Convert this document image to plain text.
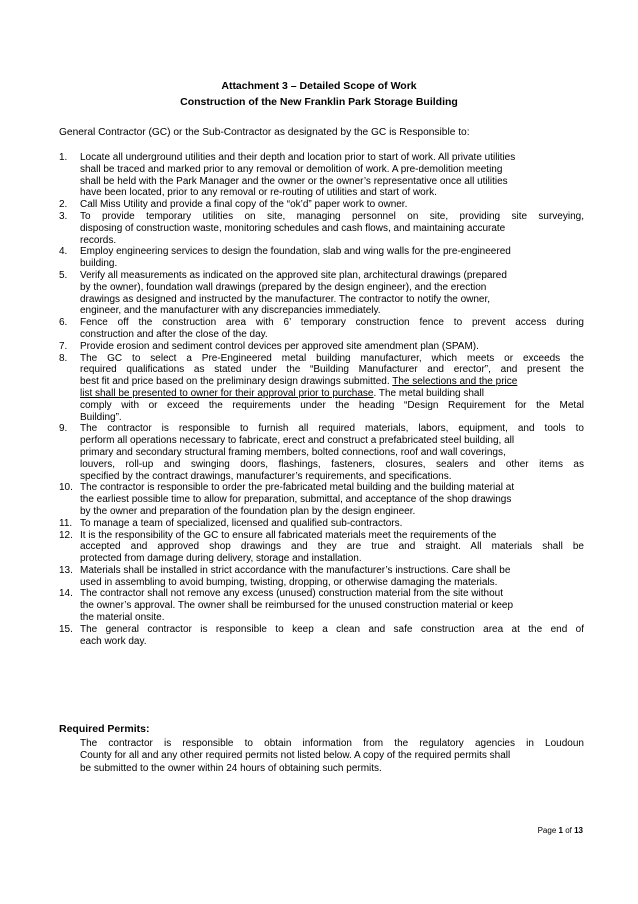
Attachment 3 – Detailed Scope of Work
Construction of the New Franklin Park Storage Building
General Contractor (GC) or the Sub-Contractor as designated by the GC is Responsible to:
1. Locate all underground utilities and their depth and location prior to start of work. All private utilities
shall be traced and marked prior to any removal or demolition of work. A pre-demolition meeting
shall be held with the Park Manager and the owner or the owner’s representative once all utilities
have been located, prior to any removal or re-routing of utilities and start of work.
2. Call Miss Utility and provide a final copy of the “ok’d” paper work to owner.
3. To provide temporary utilities on site, managing personnel on site, providing site surveying,
disposing of construction waste, monitoring schedules and cash flows, and maintaining accurate
records.
4. Employ engineering services to design the foundation, slab and wing walls for the pre-engineered
building.
5. Verify all measurements as indicated on the approved site plan, architectural drawings (prepared
by the owner), foundation wall drawings (prepared by the design engineer), and the erection
drawings as designed and instructed by the manufacturer. The contractor to notify the owner,
engineer, and the manufacturer with any discrepancies immediately.
6. Fence off the construction area with 6’ temporary construction fence to prevent access during
construction and after the close of the day.
7. Provide erosion and sediment control devices per approved site amendment plan (SPAM).
8. The GC to select a Pre-Engineered metal building manufacturer, which meets or exceeds the
required qualifications as stated under the “Building Manufacturer and erector”, and present the
best fit and price based on the preliminary design drawings submitted. The selections and the price
list shall be presented to owner for their approval prior to purchase. The metal building shall
comply with or exceed the requirements under the heading “Design Requirement for the Metal
Building”.
9. The contractor is responsible to furnish all required materials, labors, equipment, and tools to
perform all operations necessary to fabricate, erect and construct a prefabricated steel building, all
primary and secondary structural framing members, bolted connections, roof and wall coverings,
louvers, roll-up and swinging doors, flashings, fasteners, closures, sealers and other items as
specified by the contract drawings, manufacturer’s requirements, and specifications.
10. The contractor is responsible to order the pre-fabricated metal building and the building material at
the earliest possible time to allow for preparation, submittal, and acceptance of the shop drawings
by the owner and preparation of the foundation plan by the design engineer.
11. To manage a team of specialized, licensed and qualified sub-contractors.
12. It is the responsibility of the GC to ensure all fabricated materials meet the requirements of the
accepted and approved shop drawings and they are true and straight. All materials shall be
protected from damage during delivery, storage and installation.
13. Materials shall be installed in strict accordance with the manufacturer’s instructions. Care shall be
used in assembling to avoid bumping, twisting, dropping, or otherwise damaging the materials.
14. The contractor shall not remove any excess (unused) construction material from the site without
the owner’s approval. The owner shall be reimbursed for the unused construction material or keep
the material onsite.
15. The general contractor is responsible to keep a clean and safe construction area at the end of
each work day.
Required Permits:
The contractor is responsible to obtain information from the regulatory agencies in Loudoun
County for all and any other required permits not listed below. A copy of the required permits shall
be submitted to the owner within 24 hours of obtaining such permits.
Page 1 of 13
